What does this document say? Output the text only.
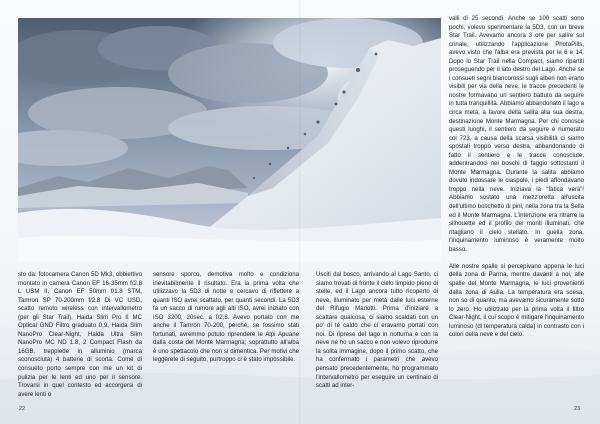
sto da: fotocamera Canon 5D Mk3, obbiettivo montato in camera Canon EF 16-35mm f/2.8 L USM II, Canon EF 50mm f/1.8 STM, Tamron SP 70-200mm f/2.8 Di VC USD, scatto remoto wireless con intervallometro (per gli Star Trail), Haida Slim Pro II MC Optical GND Filtro graduato 0,9, Haida Slim NanoPro Clear-Night, Haida Ultra Slim NanoPro MC ND 1.8, 2 Compact Flash da 16GB, treppiede in alluminio (marca sconosciuta) 4 batterie di scorta. Come di consueto porto sempre con me un kit di pulizia per le lenti ed uno per il sensore. Trovarsi in quel contesto ed accorgersi di avere lenti o

sensore sporco, demotiva molto e condiziona inevitabilmente il risultato. Era la prima volta che utilizzavo la 5D3 di notte e cercavo di riflettere a quanti ISO avrei scattato, per quanti secondi. La 5D3 fa un sacco di rumore agli alti ISO, avrei iniziato con ISO 3200, 20sec. a f/2,8. Avevo portato con me anche il Tamron 70-200, perché, se fossimo stati fortunati, avremmo potuto riprendere le Alpi Apuane dalla costa del Monte Marmagna; soprattutto all'alba è uno spettacolo che non si dimentica. Per motivi che leggerete di seguito, purtroppo ci è stato impossibile.

Usciti dal bosco, arrivando al Lago Santo, ci siamo trovati di fronte il cielo limpido pieno di stelle, ed il Lago ancora tutto ricoperto di neve, illuminato per metà dalle luci esterne del Rifugio Mariotti. Prima d'iniziare a scattare qualcosa, ci siamo scaldati con un po' di tè caldo che ci eravamo portati con noi. Di riprese del lago in notturna e con la neve né ho un sacco e non volevo riprodurre la solita immagine, dopo il primo scatto, che ha confermato i parametri che avevo pensato precedentemente, ho programmato l'intervallometro per eseguire un centinaio di scatti ad inter-

valli di 25 secondi. Anche se 100 scatti sono pochi, volevo sperimentare la 5D3, con un breve Star Trail. Avevamo ancora 3 ore per salire sul crinale, utilizzando l'applicazione PhotoPills, avevo visto che l'alba era prevista per le 6 e 14. Dopo lo Star Trail nella Compact, siamo ripartiti proseguendo per il lato destro del Lago. Anche se i consueti segni biancorossi sugli alberi non erano visibili per via della neve, le tracce precedenti le nostre formavano un sentiero battuto da seguire in tutta tranquillità. Abbiamo abbandonato il lago a circa metà, a favore della salita alla sua destra, destinazione Monte Marmagna. Per chi conosce questi luoghi, il sentiero da seguire è numerato col 723, a causa della scarsa visibilità ci siamo spostati troppo verso destra, abbandonando di fatto il sentiero e le tracce conosciute, addentrandoci nei boschi di faggio sottostanti il Monte Marmagna. Durante la salita abbiamo dovuto indossare le ciaspole, i piedi affondavano troppo nella neve. Iniziava la “fatica vera”! Abbiamo sostato una mezz'oretta all'uscita dell'ultimo boschetto di pini, nella zona tra la Sella ed il Monte Marmagna. L'intenzione era ritrarre la silhouette ed il profilo dei monti illuminati, che ritagliano il cielo stellato. In quella zona, l'inquinamento luminoso è veramente molto basso.

Alle nostre spalle si percepivano appena le luci della zona di Parma, mentre davanti a noi, alle spalle del Monte Marmagna, le luci provenienti dalla zona di Aulla. La temperatura era scesa, non so di quanto, ma avevamo sicuramente sotto lo zero. Ho utilizzato per la prima volta il filtro Clear-Night, il cui scopo è mitigare l'inquinamento luminoso (di temperatura calda) in contrasto con i colori della neve e del cielo.

22	23
